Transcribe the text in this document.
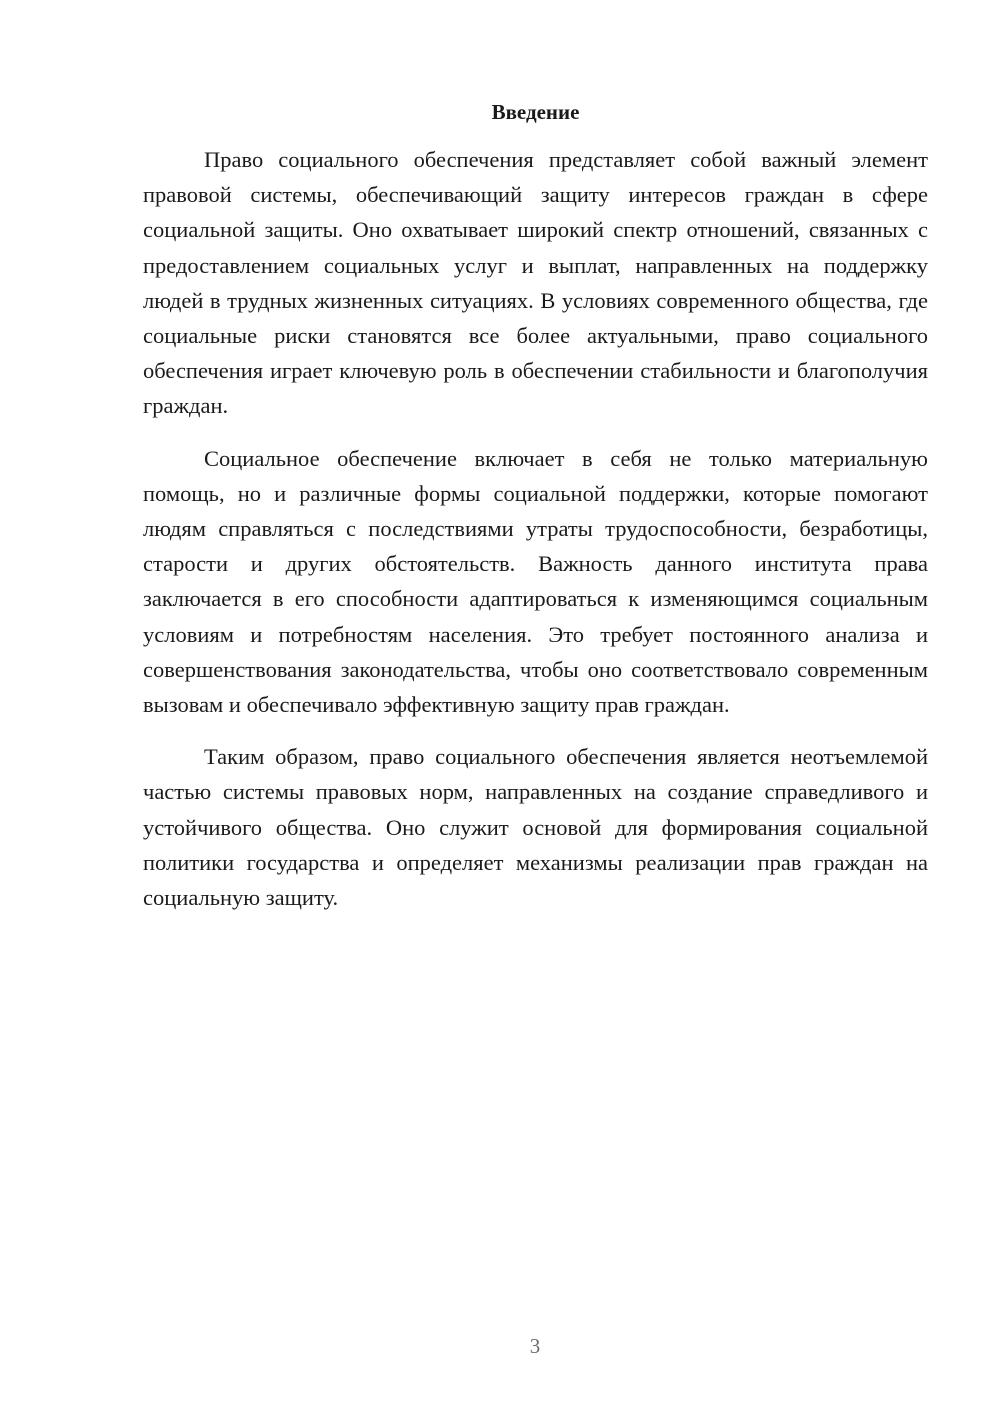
Введение

Право социального обеспечения представляет собой важный элемент правовой системы, обеспечивающий защиту интересов граждан в сфере социальной защиты. Оно охватывает широкий спектр отношений, связанных с предоставлением социальных услуг и выплат, направленных на поддержку людей в трудных жизненных ситуациях. В условиях современного общества, где социальные риски становятся все более актуальными, право социального обеспечения играет ключевую роль в обеспечении стабильности и благополучия граждан.

Социальное обеспечение включает в себя не только материальную помощь, но и различные формы социальной поддержки, которые помогают людям справляться с последствиями утраты трудоспособности, безработицы, старости и других обстоятельств. Важность данного института права заключается в его способности адаптироваться к изменяющимся социальным условиям и потребностям населения. Это требует постоянного анализа и совершенствования законодательства, чтобы оно соответствовало современным вызовам и обеспечивало эффективную защиту прав граждан.

Таким образом, право социального обеспечения является неотъемлемой частью системы правовых норм, направленных на создание справедливого и устойчивого общества. Оно служит основой для формирования социальной политики государства и определяет механизмы реализации прав граждан на социальную защиту.

3
